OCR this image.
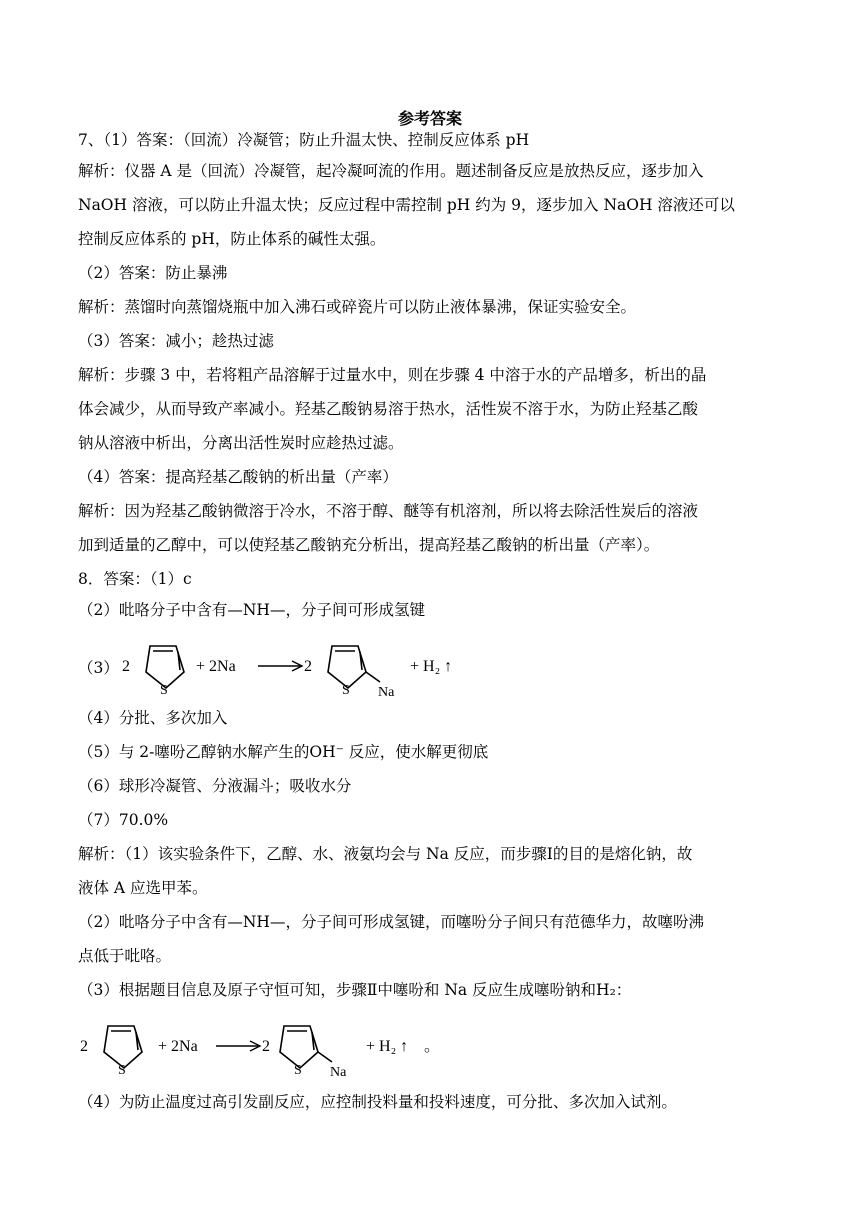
参考答案
7、（1）答案：（回流）冷凝管；防止升温太快、控制反应体系 pH
解析：仪器 A 是（回流）冷凝管，起冷凝呵流的作用。题述制备反应是放热反应，逐步加入
NaOH 溶液，可以防止升温太快；反应过程中需控制 pH 约为 9，逐步加入 NaOH 溶液还可以
控制反应体系的 pH，防止体系的碱性太强。
（2）答案：防止暴沸
解析：蒸馏时向蒸馏烧瓶中加入沸石或碎瓷片可以防止液体暴沸，保证实验安全。
（3）答案：减小；趁热过滤
解析：步骤 3 中，若将粗产品溶解于过量水中，则在步骤 4 中溶于水的产品增多，析出的晶
体会减少，从而导致产率减小。羟基乙酸钠易溶于热水，活性炭不溶于水，为防止羟基乙酸
钠从溶液中析出，分离出活性炭时应趁热过滤。
（4）答案：提高羟基乙酸钠的析出量（产率）
解析：因为羟基乙酸钠微溶于冷水，不溶于醇、醚等有机溶剂，所以将去除活性炭后的溶液
加到适量的乙醇中，可以使羟基乙酸钠充分析出，提高羟基乙酸钠的析出量（产率）。
8．答案：（1）c
（2）吡咯分子中含有—NH—，分子间可形成氢键
（3） 2
S
+ 2Na	2
S Na
+ H₂ ↑
（4）分批、多次加入
（5）与 2-噻吩乙醇钠水解产生的OH⁻ 反应，使水解更彻底
（6）球形冷凝管、分液漏斗；吸收水分
（7）70.0%
解析：（1）该实验条件下，乙醇、水、液氨均会与 Na 反应，而步骤Ⅰ的目的是熔化钠，故
液体 A 应选甲苯。
（2）吡咯分子中含有—NH—，分子间可形成氢键，而噻吩分子间只有范德华力，故噻吩沸
点低于吡咯。
（3）根据题目信息及原子守恒可知，步骤Ⅱ中噻吩和 Na 反应生成噻吩钠和H₂：
2
S
+ 2Na	2
S Na
+ H₂ ↑ 。
（4）为防止温度过高引发副反应，应控制投料量和投料速度，可分批、多次加入试剂。
